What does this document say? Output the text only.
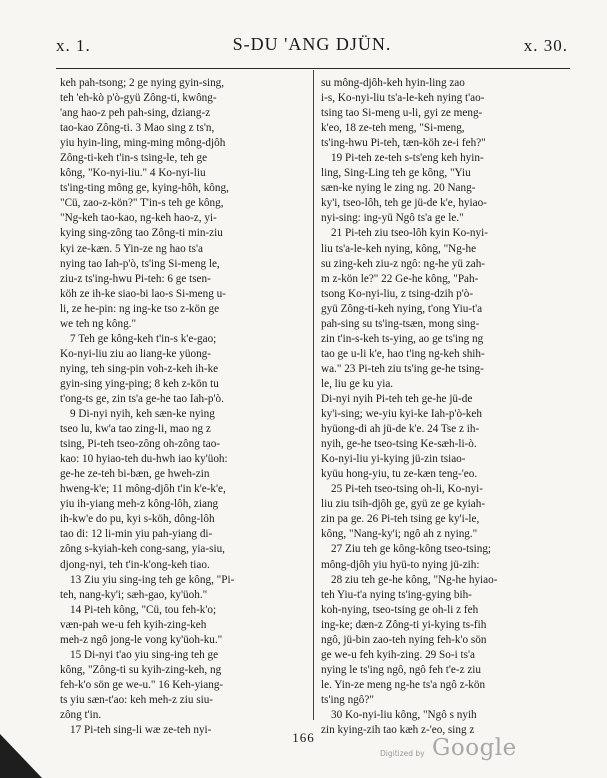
x. 1.	S-DU 'ANG DJÜN.	x. 30.
keh pah-tsong; 2 ge nying gyin-sing,
teh 'eh-kò p'ò-gyü Zông-ti, kwông-
'ang hao-z peh pah-sing, dziang-z
tao-kao Zông-ti. 3 Mao sing z ts'n,
yiu hyin-ling, ming-ming mông-djôh
Zông-ti-keh t'in-s tsing-le, teh ge
kông, "Ko-nyi-liu." 4 Ko-nyi-liu
ts'ing-ting mông ge, kying-hôh, kông,
"Cü, zao-z-kön?" T'in-s teh ge kông,
"Ng-keh tao-kao, ng-keh hao-z, yi-
kying sing-zông tao Zông-ti min-ziu
kyi ze-kæn. 5 Yin-ze ng hao ts'a
nying tao Iah-p'ò, ts'ing Si-meng le,
ziu-z ts'ing-hwu Pi-teh: 6 ge tsen-
köh ze ih-ke siao-bi lao-s Si-meng u-
li, ze he-pin: ng ing-ke tso z-kön ge
we teh ng kông."
7 Teh ge kông-keh t'in-s k'e-gao;
Ko-nyi-liu ziu ao liang-ke yüong-
nying, teh sing-pin voh-z-keh ih-ke
gyin-sing ying-ping; 8 keh z-kön tu
t'ong-ts ge, zin ts'a ge-he tao Iah-p'ò.
9 Di-nyi nyih, keh sæn-ke nying
tseo lu, kw'a tao zing-li, mao ng z
tsing, Pi-teh tseo-zông oh-zông tao-
kao: 10 hyiao-teh du-hwh iao ky'üoh:
ge-he ze-teh bi-bæn, ge hweh-zin
hweng-k'e; 11 mông-djôh t'in k'e-k'e,
yiu ih-yiang meh-z kông-lôh, ziang
ih-kw'e do pu, kyi s-köh, dông-lôh
tao di: 12 li-min yiu pah-yiang di-
zông s-kyiah-keh cong-sang, yia-siu,
djong-nyi, teh t'in-k'ong-keh tiao.
13 Ziu yiu sing-ing teh ge kông, "Pi-
teh, nang-ky'i; sæh-gao, ky'üoh."
14 Pi-teh kông, "Cü, tou feh-k'o;
væn-pah we-u feh kyih-zing-keh
meh-z ngô jong-le vong ky'üoh-ku."
15 Di-nyi t'ao yiu sing-ing teh ge
kông, "Zông-ti su kyih-zing-keh, ng
feh-k'o sön ge we-u." 16 Keh-yiang-
ts yiu sæn-t'ao: keh meh-z ziu siu-
zông t'in.
17 Pi-teh sing-li wæ ze-teh nyi-
su mông-djôh-keh hyin-ling zao
i-s, Ko-nyi-liu ts'a-le-keh nying t'ao-
tsing tao Si-meng u-li, gyi ze meng-
k'eo, 18 ze-teh meng, "Si-meng,
ts'ing-hwu Pi-teh, tæn-köh ze-i feh?"
19 Pi-teh ze-teh s-ts'eng keh hyin-
ling, Sing-Ling teh ge kông, "Yiu
sæn-ke nying le zing ng. 20 Nang-
ky'i, tseo-lôh, teh ge jü-de k'e, hyiao-
nyi-sing: ing-yü Ngô ts'a ge le."
21 Pi-teh ziu tseo-lôh kyin Ko-nyi-
liu ts'a-le-keh nying, kông, "Ng-he
su zing-keh ziu-z ngô: ng-he yü zah-
m z-kön le?" 22 Ge-he kông, "Pah-
tsong Ko-nyi-liu, z tsing-dzih p'ò-
gyü Zông-ti-keh nying, t'ong Yiu-t'a
pah-sing su ts'ing-tsæn, mong sing-
zin t'in-s-keh ts-ying, ao ge ts'ing ng
tao ge u-li k'e, hao t'ing ng-keh shih-
wa." 23 Pi-teh ziu ts'ing ge-he tsing-
le, liu ge ku yia.
Di-nyi nyih Pi-teh teh ge-he jü-de
ky'i-sing; we-yiu kyi-ke Iah-p'ò-keh
hyüong-di ah jü-de k'e. 24 Tse z ih-
nyih, ge-he tseo-tsing Ke-sæh-li-ò.
Ko-nyi-liu yi-kying jü-zin tsiao-
kyüu hong-yiu, tu ze-kæn teng-'eo.
25 Pi-teh tseo-tsing oh-li, Ko-nyi-
liu ziu tsih-djôh ge, gyü ze ge kyiah-
zin pa ge. 26 Pi-teh tsing ge ky'i-le,
kông, "Nang-ky'i; ngô ah z nying."
27 Ziu teh ge kông-kông tseo-tsing;
mông-djôh yiu hyü-to nying jü-zih:
28 ziu teh ge-he kông, "Ng-he hyiao-
teh Yiu-t'a nying ts'ing-gying bih-
koh-nying, tseo-tsing ge oh-li z feh
ing-ke; dæn-z Zông-ti yi-kying ts-fih
ngô, jü-bin zao-teh nying feh-k'o sön
ge we-u feh kyih-zing. 29 So-i ts'a
nying le ts'ing ngô, ngô feh t'e-z ziu
le. Yin-ze meng ng-he ts'a ngô z-kön
ts'ing ngô?"
30 Ko-nyi-liu kông, "Ngô s nyih
zin kying-zih tao kæh z-'eo, sing z
166
Digitized by Google
